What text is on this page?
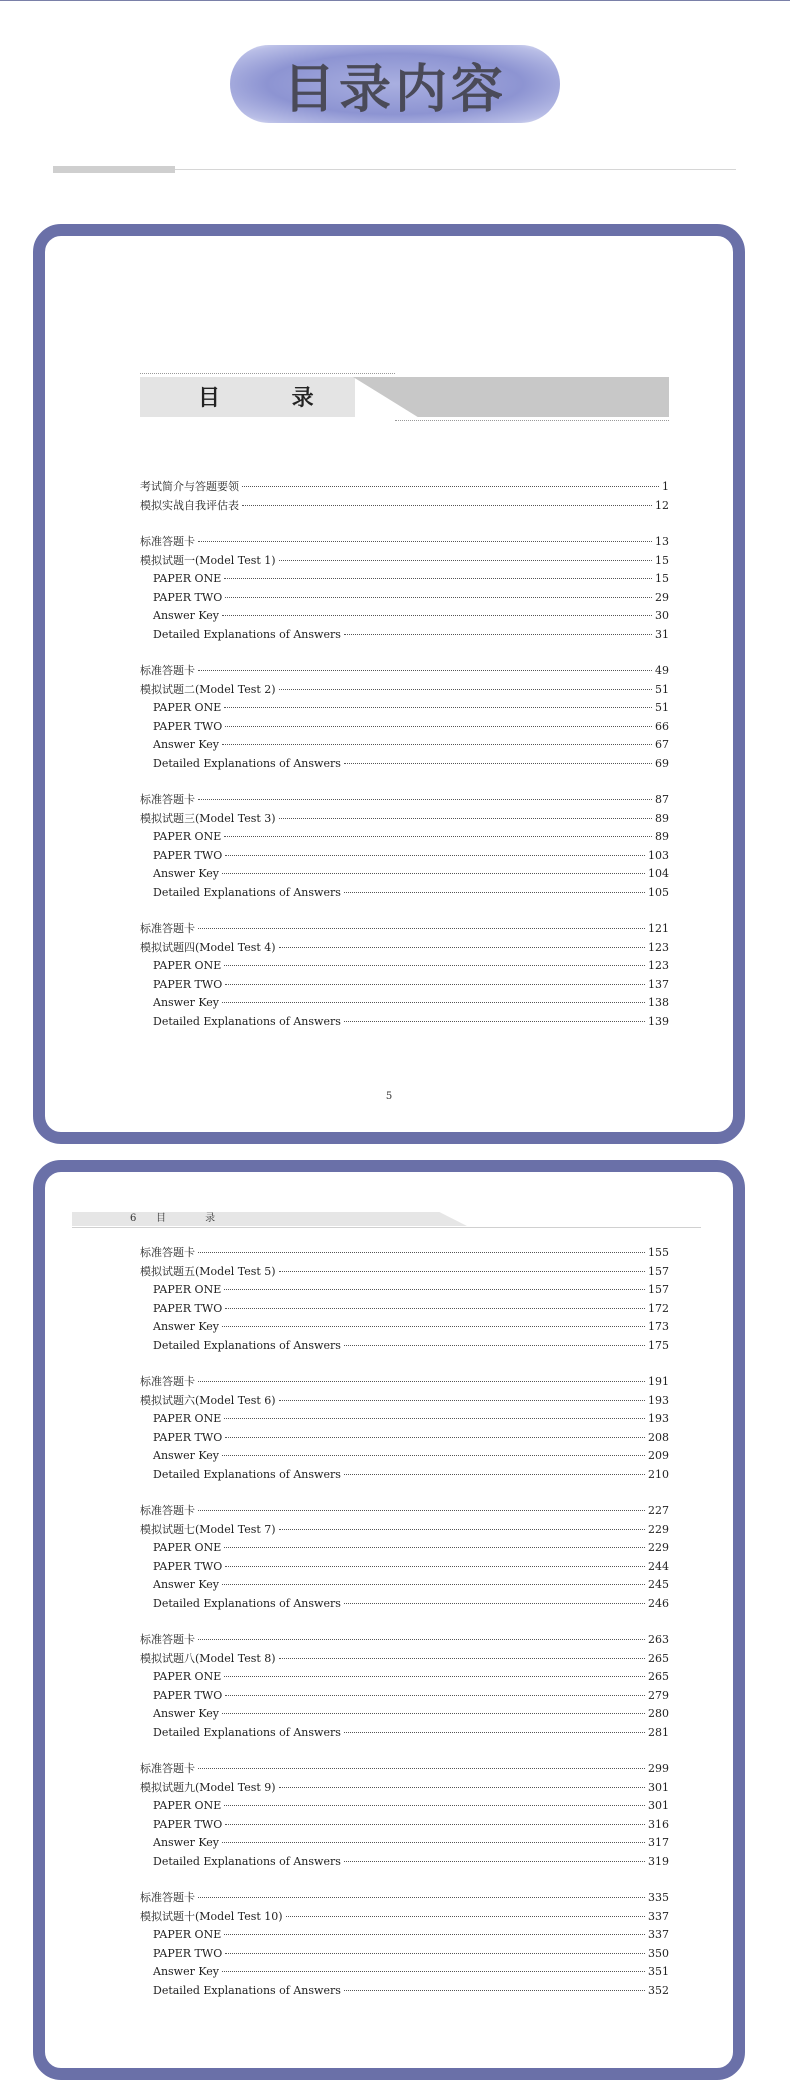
目录内容
目 录
考试简介与答题要领	1
模拟实战自我评估表	12
标准答题卡	13
模拟试题一(Model Test 1)	15
PAPER ONE	15
PAPER TWO	29
Answer Key	30
Detailed Explanations of Answers	31
标准答题卡	49
模拟试题二(Model Test 2)	51
PAPER ONE	51
PAPER TWO	66
Answer Key	67
Detailed Explanations of Answers	69
标准答题卡	87
模拟试题三(Model Test 3)	89
PAPER ONE	89
PAPER TWO	103
Answer Key	104
Detailed Explanations of Answers	105
标准答题卡	121
模拟试题四(Model Test 4)	123
PAPER ONE	123
PAPER TWO	137
Answer Key	138
Detailed Explanations of Answers	139
5
6 目 录
标准答题卡	155
模拟试题五(Model Test 5)	157
PAPER ONE	157
PAPER TWO	172
Answer Key	173
Detailed Explanations of Answers	175
标准答题卡	191
模拟试题六(Model Test 6)	193
PAPER ONE	193
PAPER TWO	208
Answer Key	209
Detailed Explanations of Answers	210
标准答题卡	227
模拟试题七(Model Test 7)	229
PAPER ONE	229
PAPER TWO	244
Answer Key	245
Detailed Explanations of Answers	246
标准答题卡	263
模拟试题八(Model Test 8)	265
PAPER ONE	265
PAPER TWO	279
Answer Key	280
Detailed Explanations of Answers	281
标准答题卡	299
模拟试题九(Model Test 9)	301
PAPER ONE	301
PAPER TWO	316
Answer Key	317
Detailed Explanations of Answers	319
标准答题卡	335
模拟试题十(Model Test 10)	337
PAPER ONE	337
PAPER TWO	350
Answer Key	351
Detailed Explanations of Answers	352
